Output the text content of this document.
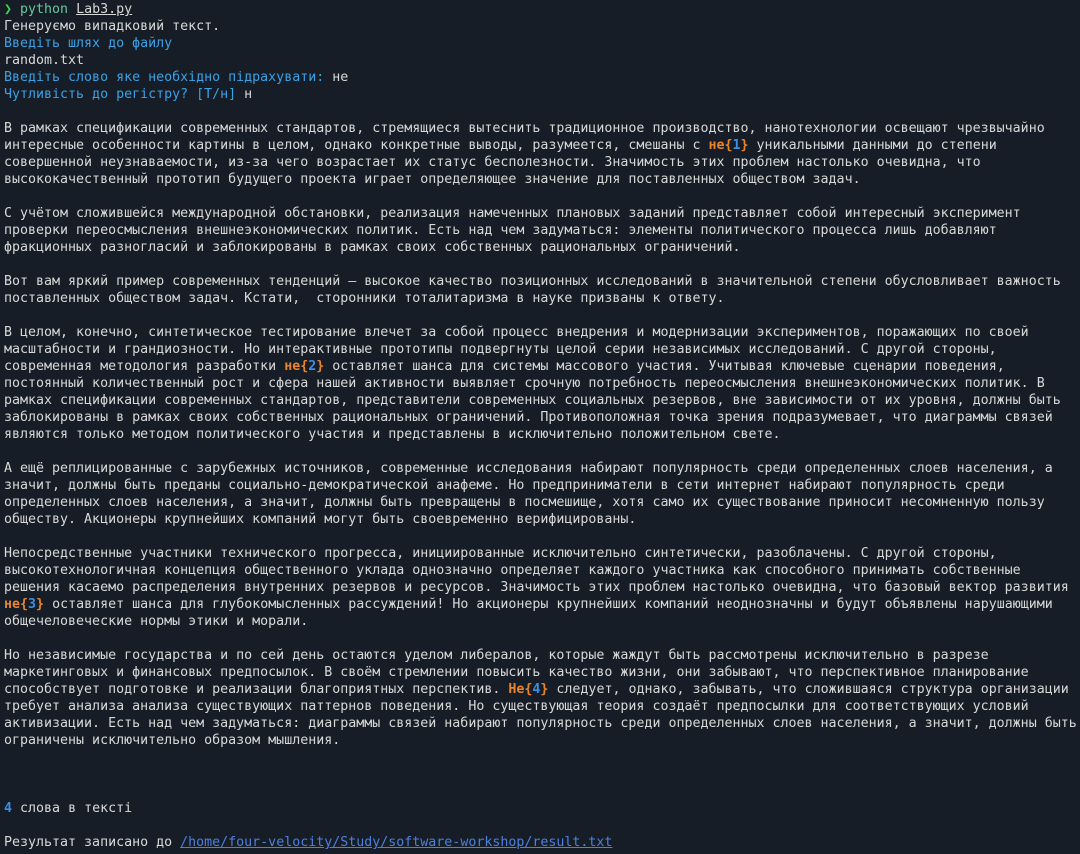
❯ python Lab3.py
Генеруємо випадковий текст.
Введіть шлях до файлу
random.txt
Введіть слово яке необхідно підрахувати: не
Чутливість до регістру? [Т/н] н
В рамках спецификации современных стандартов, стремящиеся вытеснить традиционное производство, нанотехнологии освещают чрезвычайно
интересные особенности картины в целом, однако конкретные выводы, разумеется, смешаны с не{1} уникальными данными до степени
совершенной неузнаваемости, из-за чего возрастает их статус бесполезности. Значимость этих проблем настолько очевидна, что
высококачественный прототип будущего проекта играет определяющее значение для поставленных обществом задач.
С учётом сложившейся международной обстановки, реализация намеченных плановых заданий представляет собой интересный эксперимент
проверки переосмысления внешнеэкономических политик. Есть над чем задуматься: элементы политического процесса лишь добавляют
фракционных разногласий и заблокированы в рамках своих собственных рациональных ограничений.
Вот вам яркий пример современных тенденций – высокое качество позиционных исследований в значительной степени обусловливает важность
поставленных обществом задач. Кстати,  сторонники тоталитаризма в науке призваны к ответу.
В целом, конечно, синтетическое тестирование влечет за собой процесс внедрения и модернизации экспериментов, поражающих по своей
масштабности и грандиозности. Но интерактивные прототипы подвергнуты целой серии независимых исследований. С другой стороны,
современная методология разработки не{2} оставляет шанса для системы массового участия. Учитывая ключевые сценарии поведения,
постоянный количественный рост и сфера нашей активности выявляет срочную потребность переосмысления внешнеэкономических политик. В
рамках спецификации современных стандартов, представители современных социальных резервов, вне зависимости от их уровня, должны быть
заблокированы в рамках своих собственных рациональных ограничений. Противоположная точка зрения подразумевает, что диаграммы связей
являются только методом политического участия и представлены в исключительно положительном свете.
А ещё реплицированные с зарубежных источников, современные исследования набирают популярность среди определенных слоев населения, а
значит, должны быть преданы социально-демократической анафеме. Но предприниматели в сети интернет набирают популярность среди
определенных слоев населения, а значит, должны быть превращены в посмешище, хотя само их существование приносит несомненную пользу
обществу. Акционеры крупнейших компаний могут быть своевременно верифицированы.
Непосредственные участники технического прогресса, инициированные исключительно синтетически, разоблачены. С другой стороны,
высокотехнологичная концепция общественного уклада однозначно определяет каждого участника как способного принимать собственные
решения касаемо распределения внутренних резервов и ресурсов. Значимость этих проблем настолько очевидна, что базовый вектор развития
не{3} оставляет шанса для глубокомысленных рассуждений! Но акционеры крупнейших компаний неоднозначны и будут объявлены нарушающими
общечеловеческие нормы этики и морали.
Но независимые государства и по сей день остаются уделом либералов, которые жаждут быть рассмотрены исключительно в разрезе
маркетинговых и финансовых предпосылок. В своём стремлении повысить качество жизни, они забывают, что перспективное планирование
способствует подготовке и реализации благоприятных перспектив. Не{4} следует, однако, забывать, что сложившаяся структура организации
требует анализа анализа существующих паттернов поведения. Но существующая теория создаёт предпосылки для соответствующих условий
активизации. Есть над чем задуматься: диаграммы связей набирают популярность среди определенных слоев населения, а значит, должны быть
ограничены исключительно образом мышления.
4 слова в тексті
Результат записано до /home/four-velocity/Study/software-workshop/result.txt
